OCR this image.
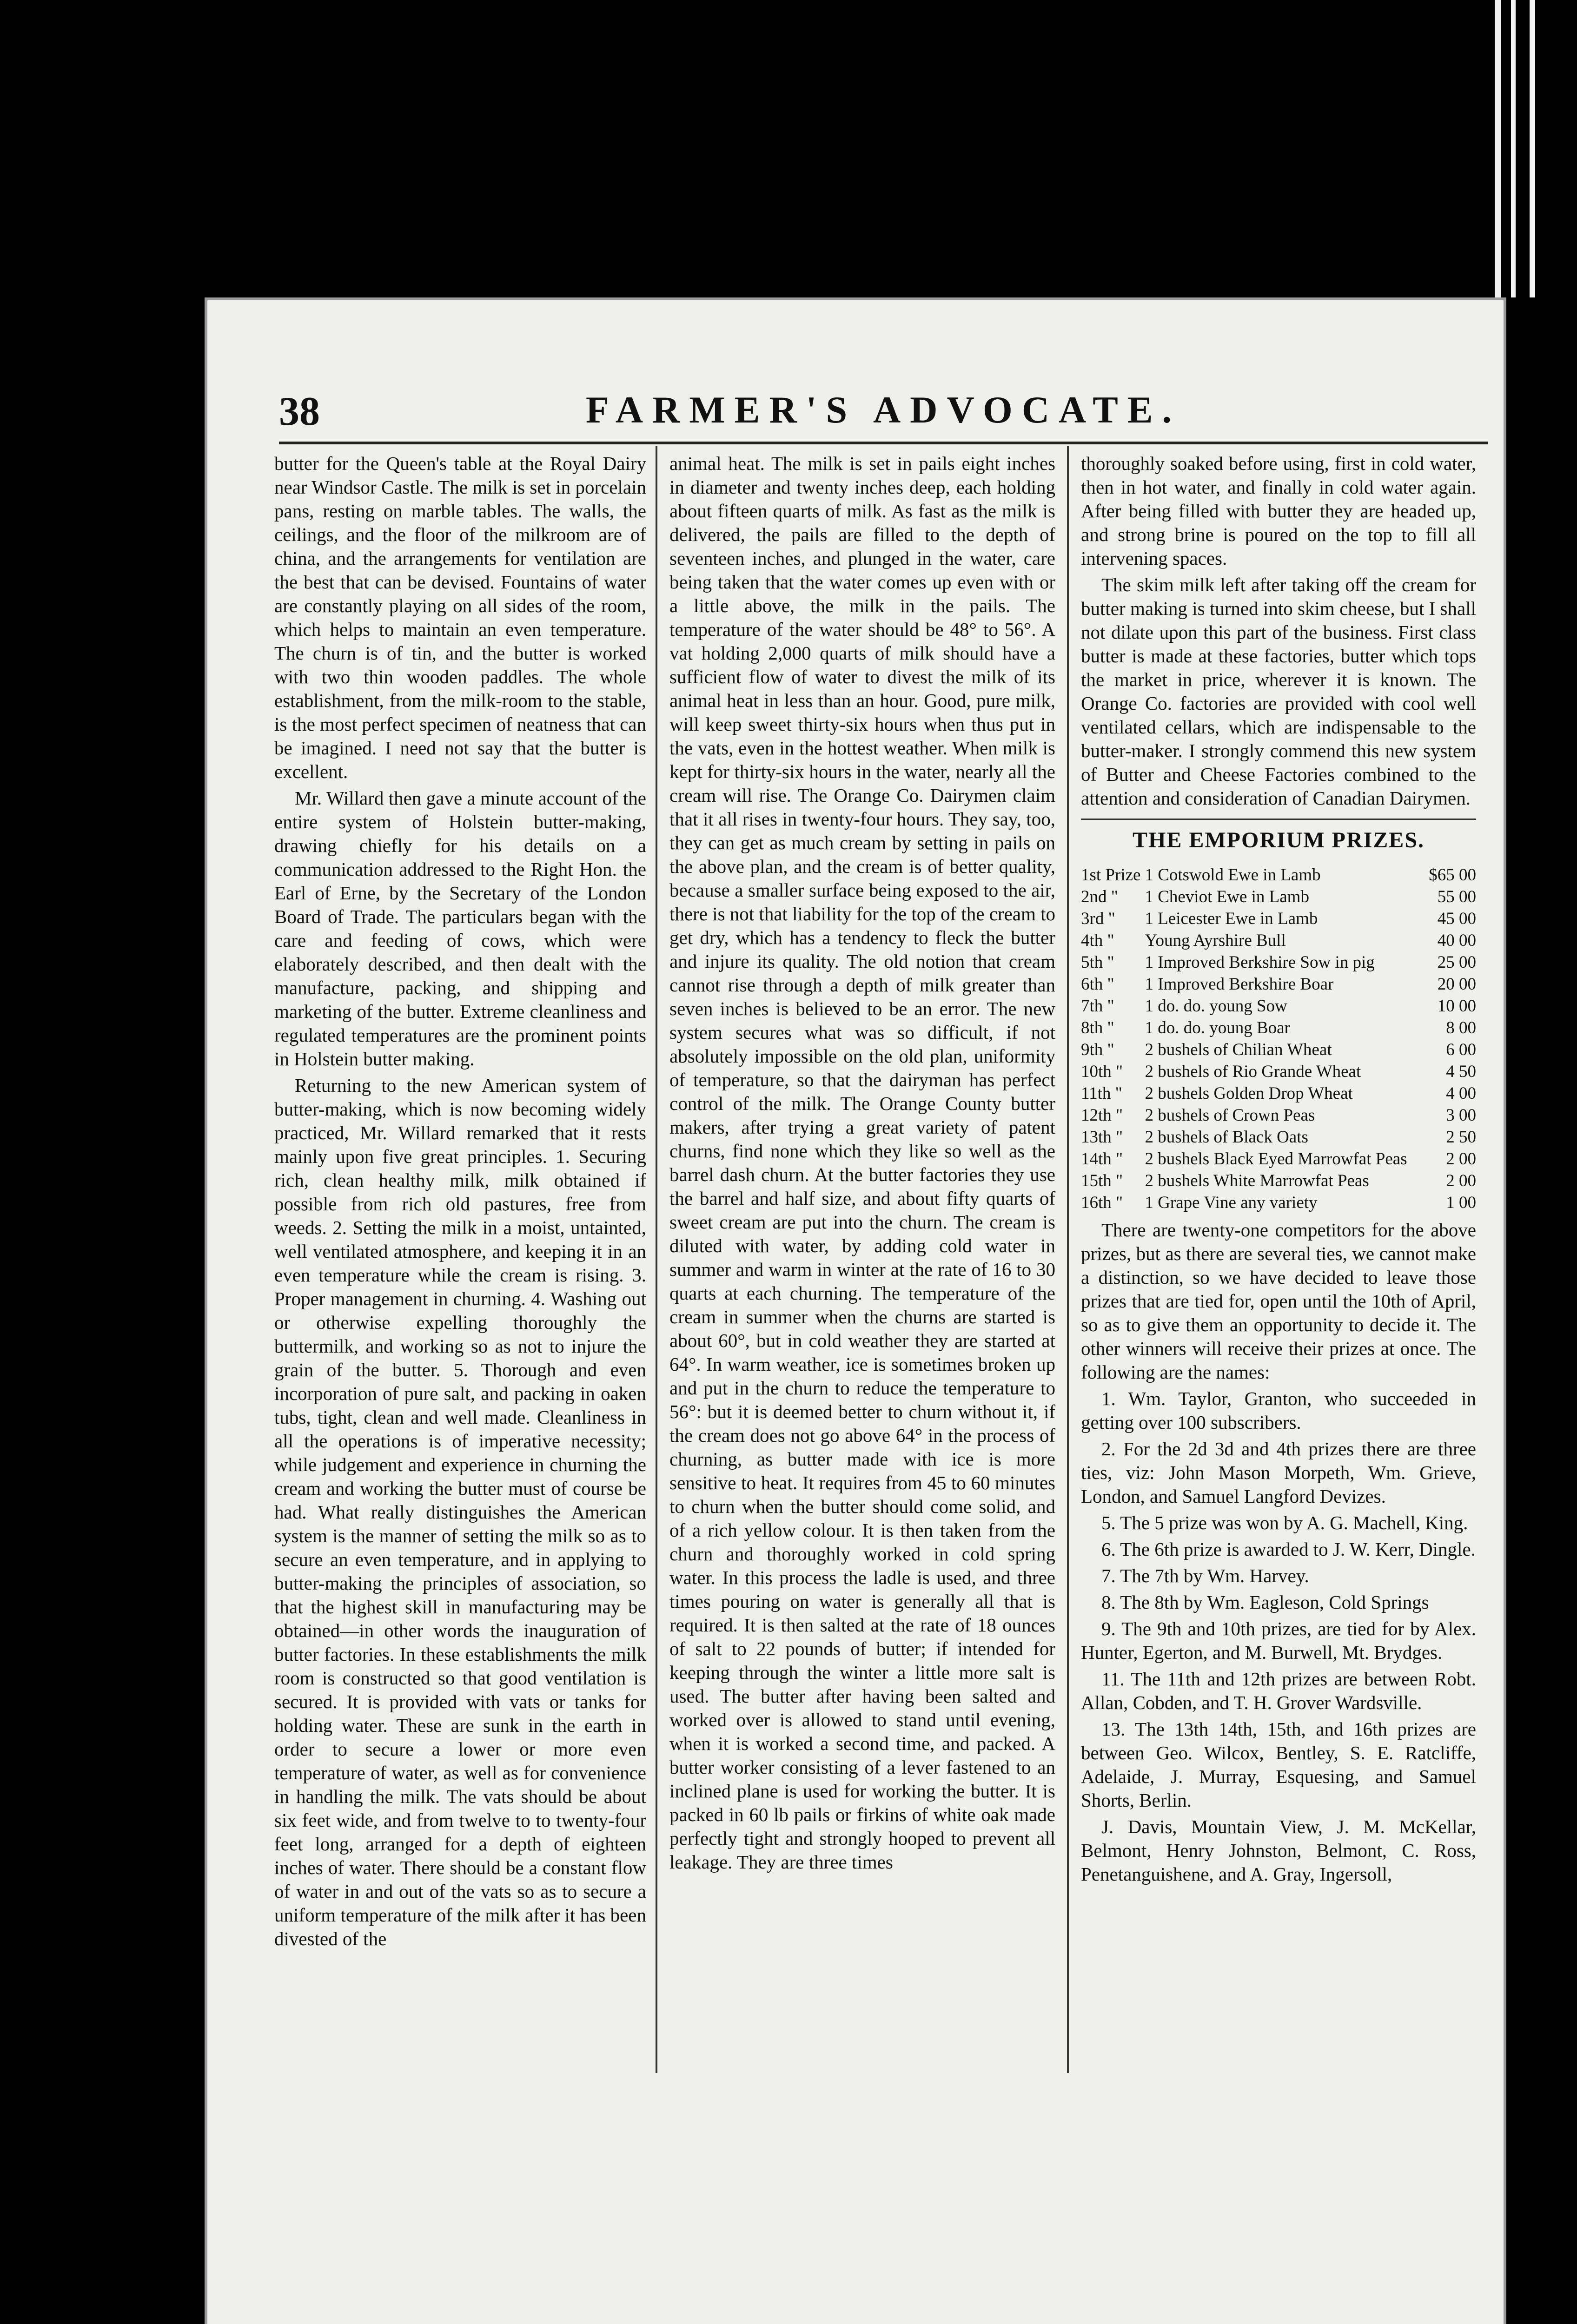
38	FARMER'S ADVOCATE.

butter for the Queen's table at the Royal Dairy near Windsor Castle. The milk is set in porcelain pans, resting on marble tables. The walls, the ceilings, and the floor of the milkroom are of china, and the arrangements for ventilation are the best that can be devised. Fountains of water are constantly playing on all sides of the room, which helps to maintain an even temperature. The churn is of tin, and the butter is worked with two thin wooden paddles. The whole establishment, from the milk-room to the stable, is the most perfect specimen of neatness that can be imagined. I need not say that the butter is excellent.

Mr. Willard then gave a minute account of the entire system of Holstein butter-making, drawing chiefly for his details on a communication addressed to the Right Hon. the Earl of Erne, by the Secretary of the London Board of Trade. The particulars began with the care and feeding of cows, which were elaborately described, and then dealt with the manufacture, packing, and shipping and marketing of the butter. Extreme cleanliness and regulated temperatures are the prominent points in Holstein butter making.

Returning to the new American system of butter-making, which is now becoming widely practiced, Mr. Willard remarked that it rests mainly upon five great principles. 1. Securing rich, clean healthy milk, milk obtained if possible from rich old pastures, free from weeds. 2. Setting the milk in a moist, untainted, well ventilated atmosphere, and keeping it in an even temperature while the cream is rising. 3. Proper management in churning. 4. Washing out or otherwise expelling thoroughly the buttermilk, and working so as not to injure the grain of the butter. 5. Thorough and even incorporation of pure salt, and packing in oaken tubs, tight, clean and well made. Cleanliness in all the operations is of imperative necessity; while judgement and experience in churning the cream and working the butter must of course be had. What really distinguishes the American system is the manner of setting the milk so as to secure an even temperature, and in applying to butter-making the principles of association, so that the highest skill in manufacturing may be obtained—in other words the inauguration of butter factories. In these establishments the milk room is constructed so that good ventilation is secured. It is provided with vats or tanks for holding water. These are sunk in the earth in order to secure a lower or more even temperature of water, as well as for convenience in handling the milk. The vats should be about six feet wide, and from twelve to to twenty-four feet long, arranged for a depth of eighteen inches of water. There should be a constant flow of water in and out of the vats so as to secure a uniform temperature of the milk after it has been divested of the

animal heat. The milk is set in pails eight inches in diameter and twenty inches deep, each holding about fifteen quarts of milk. As fast as the milk is delivered, the pails are filled to the depth of seventeen inches, and plunged in the water, care being taken that the water comes up even with or a little above, the milk in the pails. The temperature of the water should be 48° to 56°. A vat holding 2,000 quarts of milk should have a sufficient flow of water to divest the milk of its animal heat in less than an hour. Good, pure milk, will keep sweet thirty-six hours when thus put in the vats, even in the hottest weather. When milk is kept for thirty-six hours in the water, nearly all the cream will rise. The Orange Co. Dairymen claim that it all rises in twenty-four hours. They say, too, they can get as much cream by setting in pails on the above plan, and the cream is of better quality, because a smaller surface being exposed to the air, there is not that liability for the top of the cream to get dry, which has a tendency to fleck the butter and injure its quality. The old notion that cream cannot rise through a depth of milk greater than seven inches is believed to be an error. The new system secures what was so difficult, if not absolutely impossible on the old plan, uniformity of temperature, so that the dairyman has perfect control of the milk. The Orange County butter makers, after trying a great variety of patent churns, find none which they like so well as the barrel dash churn. At the butter factories they use the barrel and half size, and about fifty quarts of sweet cream are put into the churn. The cream is diluted with water, by adding cold water in summer and warm in winter at the rate of 16 to 30 quarts at each churning. The temperature of the cream in summer when the churns are started is about 60°, but in cold weather they are started at 64°. In warm weather, ice is sometimes broken up and put in the churn to reduce the temperature to 56°: but it is deemed better to churn without it, if the cream does not go above 64° in the process of churning, as butter made with ice is more sensitive to heat. It requires from 45 to 60 minutes to churn when the butter should come solid, and of a rich yellow colour. It is then taken from the churn and thoroughly worked in cold spring water. In this process the ladle is used, and three times pouring on water is generally all that is required. It is then salted at the rate of 18 ounces of salt to 22 pounds of butter; if intended for keeping through the winter a little more salt is used. The butter after having been salted and worked over is allowed to stand until evening, when it is worked a second time, and packed. A butter worker consisting of a lever fastened to an inclined plane is used for working the butter. It is packed in 60 lb pails or firkins of white oak made perfectly tight and strongly hooped to prevent all leakage. They are three times

thoroughly soaked before using, first in cold water, then in hot water, and finally in cold water again. After being filled with butter they are headed up, and strong brine is poured on the top to fill all intervening spaces.

The skim milk left after taking off the cream for butter making is turned into skim cheese, but I shall not dilate upon this part of the business. First class butter is made at these factories, butter which tops the market in price, wherever it is known. The Orange Co. factories are provided with cool well ventilated cellars, which are indispensable to the butter-maker. I strongly commend this new system of Butter and Cheese Factories combined to the attention and consideration of Canadian Dairymen.

THE EMPORIUM PRIZES.
1st Prize	1 Cotswold Ewe in Lamb	$65 00
2nd "	1 Cheviot Ewe in Lamb	55 00
3rd "	1 Leicester Ewe in Lamb	45 00
4th "	Young Ayrshire Bull	40 00
5th "	1 Improved Berkshire Sow in pig	25 00
6th "	1 Improved Berkshire Boar	20 00
7th "	1 do. do. young Sow	10 00
8th "	1 do. do. young Boar	8 00
9th "	2 bushels of Chilian Wheat	6 00
10th "	2 bushels of Rio Grande Wheat	4 50
11th "	2 bushels Golden Drop Wheat	4 00
12th "	2 bushels of Crown Peas	3 00
13th "	2 bushels of Black Oats	2 50
14th "	2 bushels Black Eyed Marrowfat Peas	2 00
15th "	2 bushels White Marrowfat Peas	2 00
16th "	1 Grape Vine any variety	1 00

There are twenty-one competitors for the above prizes, but as there are several ties, we cannot make a distinction, so we have decided to leave those prizes that are tied for, open until the 10th of April, so as to give them an opportunity to decide it. The other winners will receive their prizes at once. The following are the names:

1. Wm. Taylor, Granton, who succeeded in getting over 100 subscribers.

2. For the 2d 3d and 4th prizes there are three ties, viz: John Mason Morpeth, Wm. Grieve, London, and Samuel Langford Devizes.

5. The 5 prize was won by A. G. Machell, King.

6. The 6th prize is awarded to J. W. Kerr, Dingle.

7. The 7th by Wm. Harvey.

8. The 8th by Wm. Eagleson, Cold Springs

9. The 9th and 10th prizes, are tied for by Alex. Hunter, Egerton, and M. Burwell, Mt. Brydges.

11. The 11th and 12th prizes are between Robt. Allan, Cobden, and T. H. Grover Wardsville.

13. The 13th 14th, 15th, and 16th prizes are between Geo. Wilcox, Bentley, S. E. Ratcliffe, Adelaide, J. Murray, Esquesing, and Samuel Shorts, Berlin.

J. Davis, Mountain View, J. M. McKellar, Belmont, Henry Johnston, Belmont, C. Ross, Penetanguishene, and A. Gray, Ingersoll,
